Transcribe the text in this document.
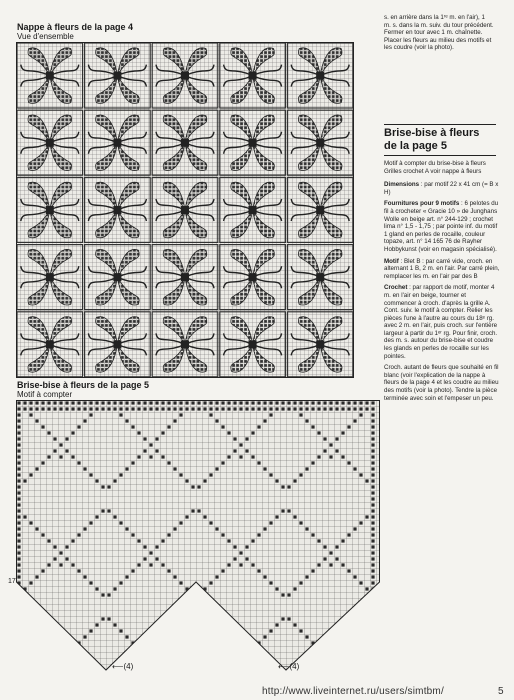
Nappe à fleurs de la page 4
Vue d'ensemble
Brise-bise à fleurs de la page 5
Motif à compter
17
⟵(4)	⟵(4)
s. en arrière dans la 1ʳᵉ m. en l'air), 1
m. s. dans la m. suiv. du tour précédent.
Fermer en tour avec 1 m. chaînette.
Placer les fleurs au milieu des motifs et
les coudre (voir la photo).
Brise-bise à fleurs
de la page 5

Motif à compter du brise-bise à fleurs
Grilles crochet A voir nappe à fleurs

Dimensions : par motif 22 x 41 cm (= B x H)

Fournitures pour 9 motifs : 6 pelotes du fil à crocheter « Gracie 10 » de Junghans Wolle en beige art. n° 244-129 ; crochet lima n° 1,5 - 1,75 ; par pointe inf. du motif 1 gland en perles de rocaille, couleur topaze, art. n° 14 165 76 de Rayher Hobbykunst (voir en magasin spécialisé).

Motif : Blet B : par carré vide, croch. en alternant 1 B, 2 m. en l'air. Par carré plein, remplacer les m. en l'air par des B

Crochet : par rapport de motif, monter 4 m. en l'air en beige, tourner et commencer à croch. d'après la grille A. Cont. suiv. le motif à compter. Relier les pièces l'une à l'autre au cours du 18ᵉ rg. avec 2 m. en l'air, puis croch. sur l'entière largeur à partir du 1ᵉʳ rg. Pour finir, croch. des m. s. autour du brise-bise et coudre les glands en perles de rocaille sur les pointes.

Croch. autant de fleurs que souhaité en fil blanc (voir l'explication de la nappe à fleurs de la page 4 et les coudre au milieu des motifs (voir la photo). Tendre la pièce terminée avec soin et l'empeser un peu.

http://www.liveinternet.ru/users/simtbm/	5
